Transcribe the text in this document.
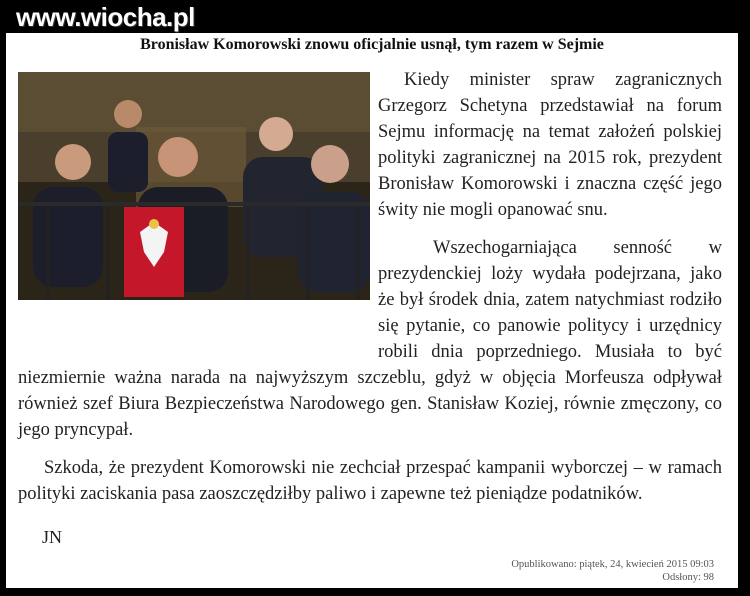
www.wiocha.pl
Bronisław Komorowski znowu oficjalnie usnął, tym razem w Sejmie

Kiedy minister spraw zagranicznych Grzegorz Schetyna przedstawiał na forum Sejmu informację na temat założeń polskiej polityki zagranicznej na 2015 rok, prezydent Bronisław Komorowski i znaczna część jego świty nie mogli opanować snu.

Wszechogarniająca senność w prezydenckiej loży wydała podejrzana, jako że był środek dnia, zatem natychmiast rodziło się pytanie, co panowie politycy i urzędnicy robili dnia poprzedniego. Musiała to być niezmiernie ważna narada na najwyższym szczeblu, gdyż w objęcia Morfeusza odpływał również szef Biura Bezpieczeństwa Narodowego gen. Stanisław Koziej, równie zmęczony, co jego pryncypał.

Szkoda, że prezydent Komorowski nie zechciał przespać kampanii wyborczej – w ramach polityki zaciskania pasa zaoszczędziłby paliwo i zapewne też pieniądze podatników.

JN
Opublikowano: piątek, 24, kwiecień 2015 09:03
Odsłony: 98
